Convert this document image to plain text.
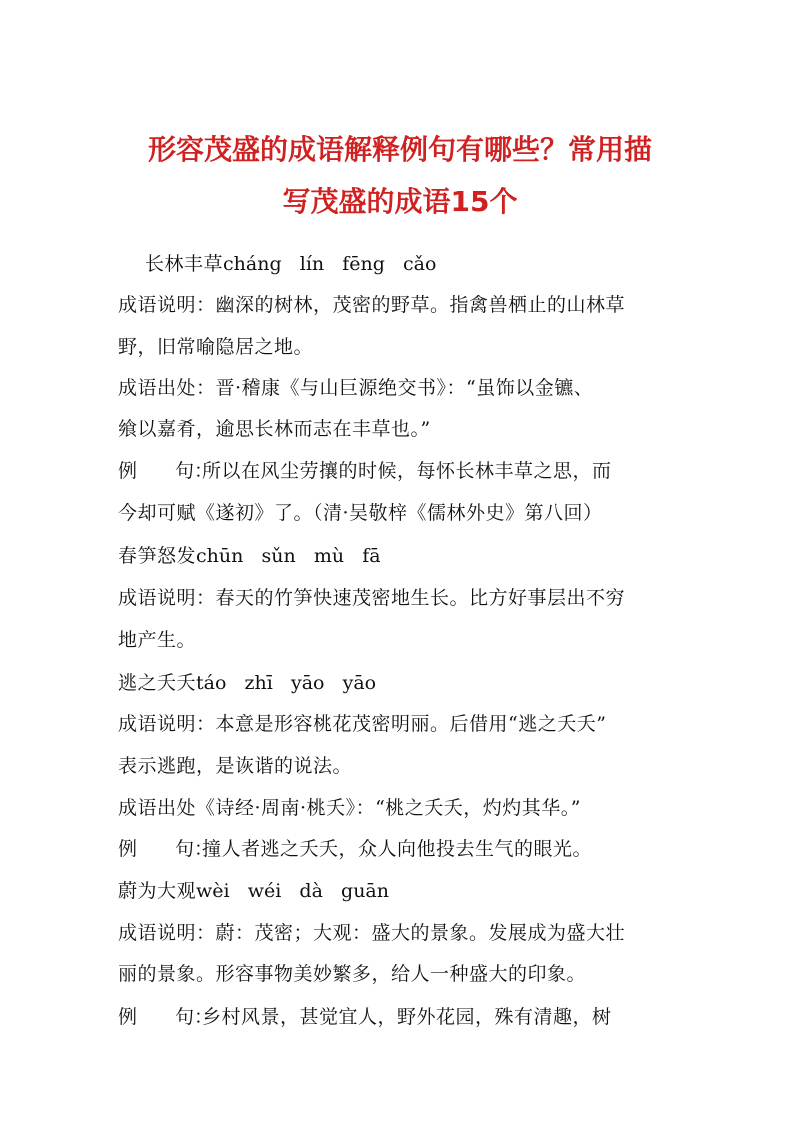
形容茂盛的成语解释例句有哪些？常用描
写茂盛的成语15个
长林丰草cháng   lín   fēng   cǎo
成语说明：幽深的树林，茂密的野草。指禽兽栖止的山林草
野，旧常喻隐居之地。
成语出处：晋·稽康《与山巨源绝交书》：“虽饰以金镳、
飨以嘉肴，逾思长林而志在丰草也。”
例 句：所以在风尘劳攘的时候，每怀长林丰草之思，而
今却可赋《遂初》了。（清·吴敬梓《儒林外史》第八回）
春笋怒发chūn   sǔn   mù   fā
成语说明：春天的竹笋快速茂密地生长。比方好事层出不穷
地产生。
逃之夭夭táo   zhī   yāo   yāo
成语说明：本意是形容桃花茂密明丽。后借用“逃之夭夭”
表示逃跑，是诙谐的说法。
成语出处《诗经·周南·桃夭》：“桃之夭夭，灼灼其华。”
例 句：撞人者逃之夭夭，众人向他投去生气的眼光。
蔚为大观wèi   wéi   dà   guān
成语说明：蔚：茂密；大观：盛大的景象。发展成为盛大壮
丽的景象。形容事物美妙繁多，给人一种盛大的印象。
例 句：乡村风景，甚觉宜人，野外花园，殊有清趣，树
